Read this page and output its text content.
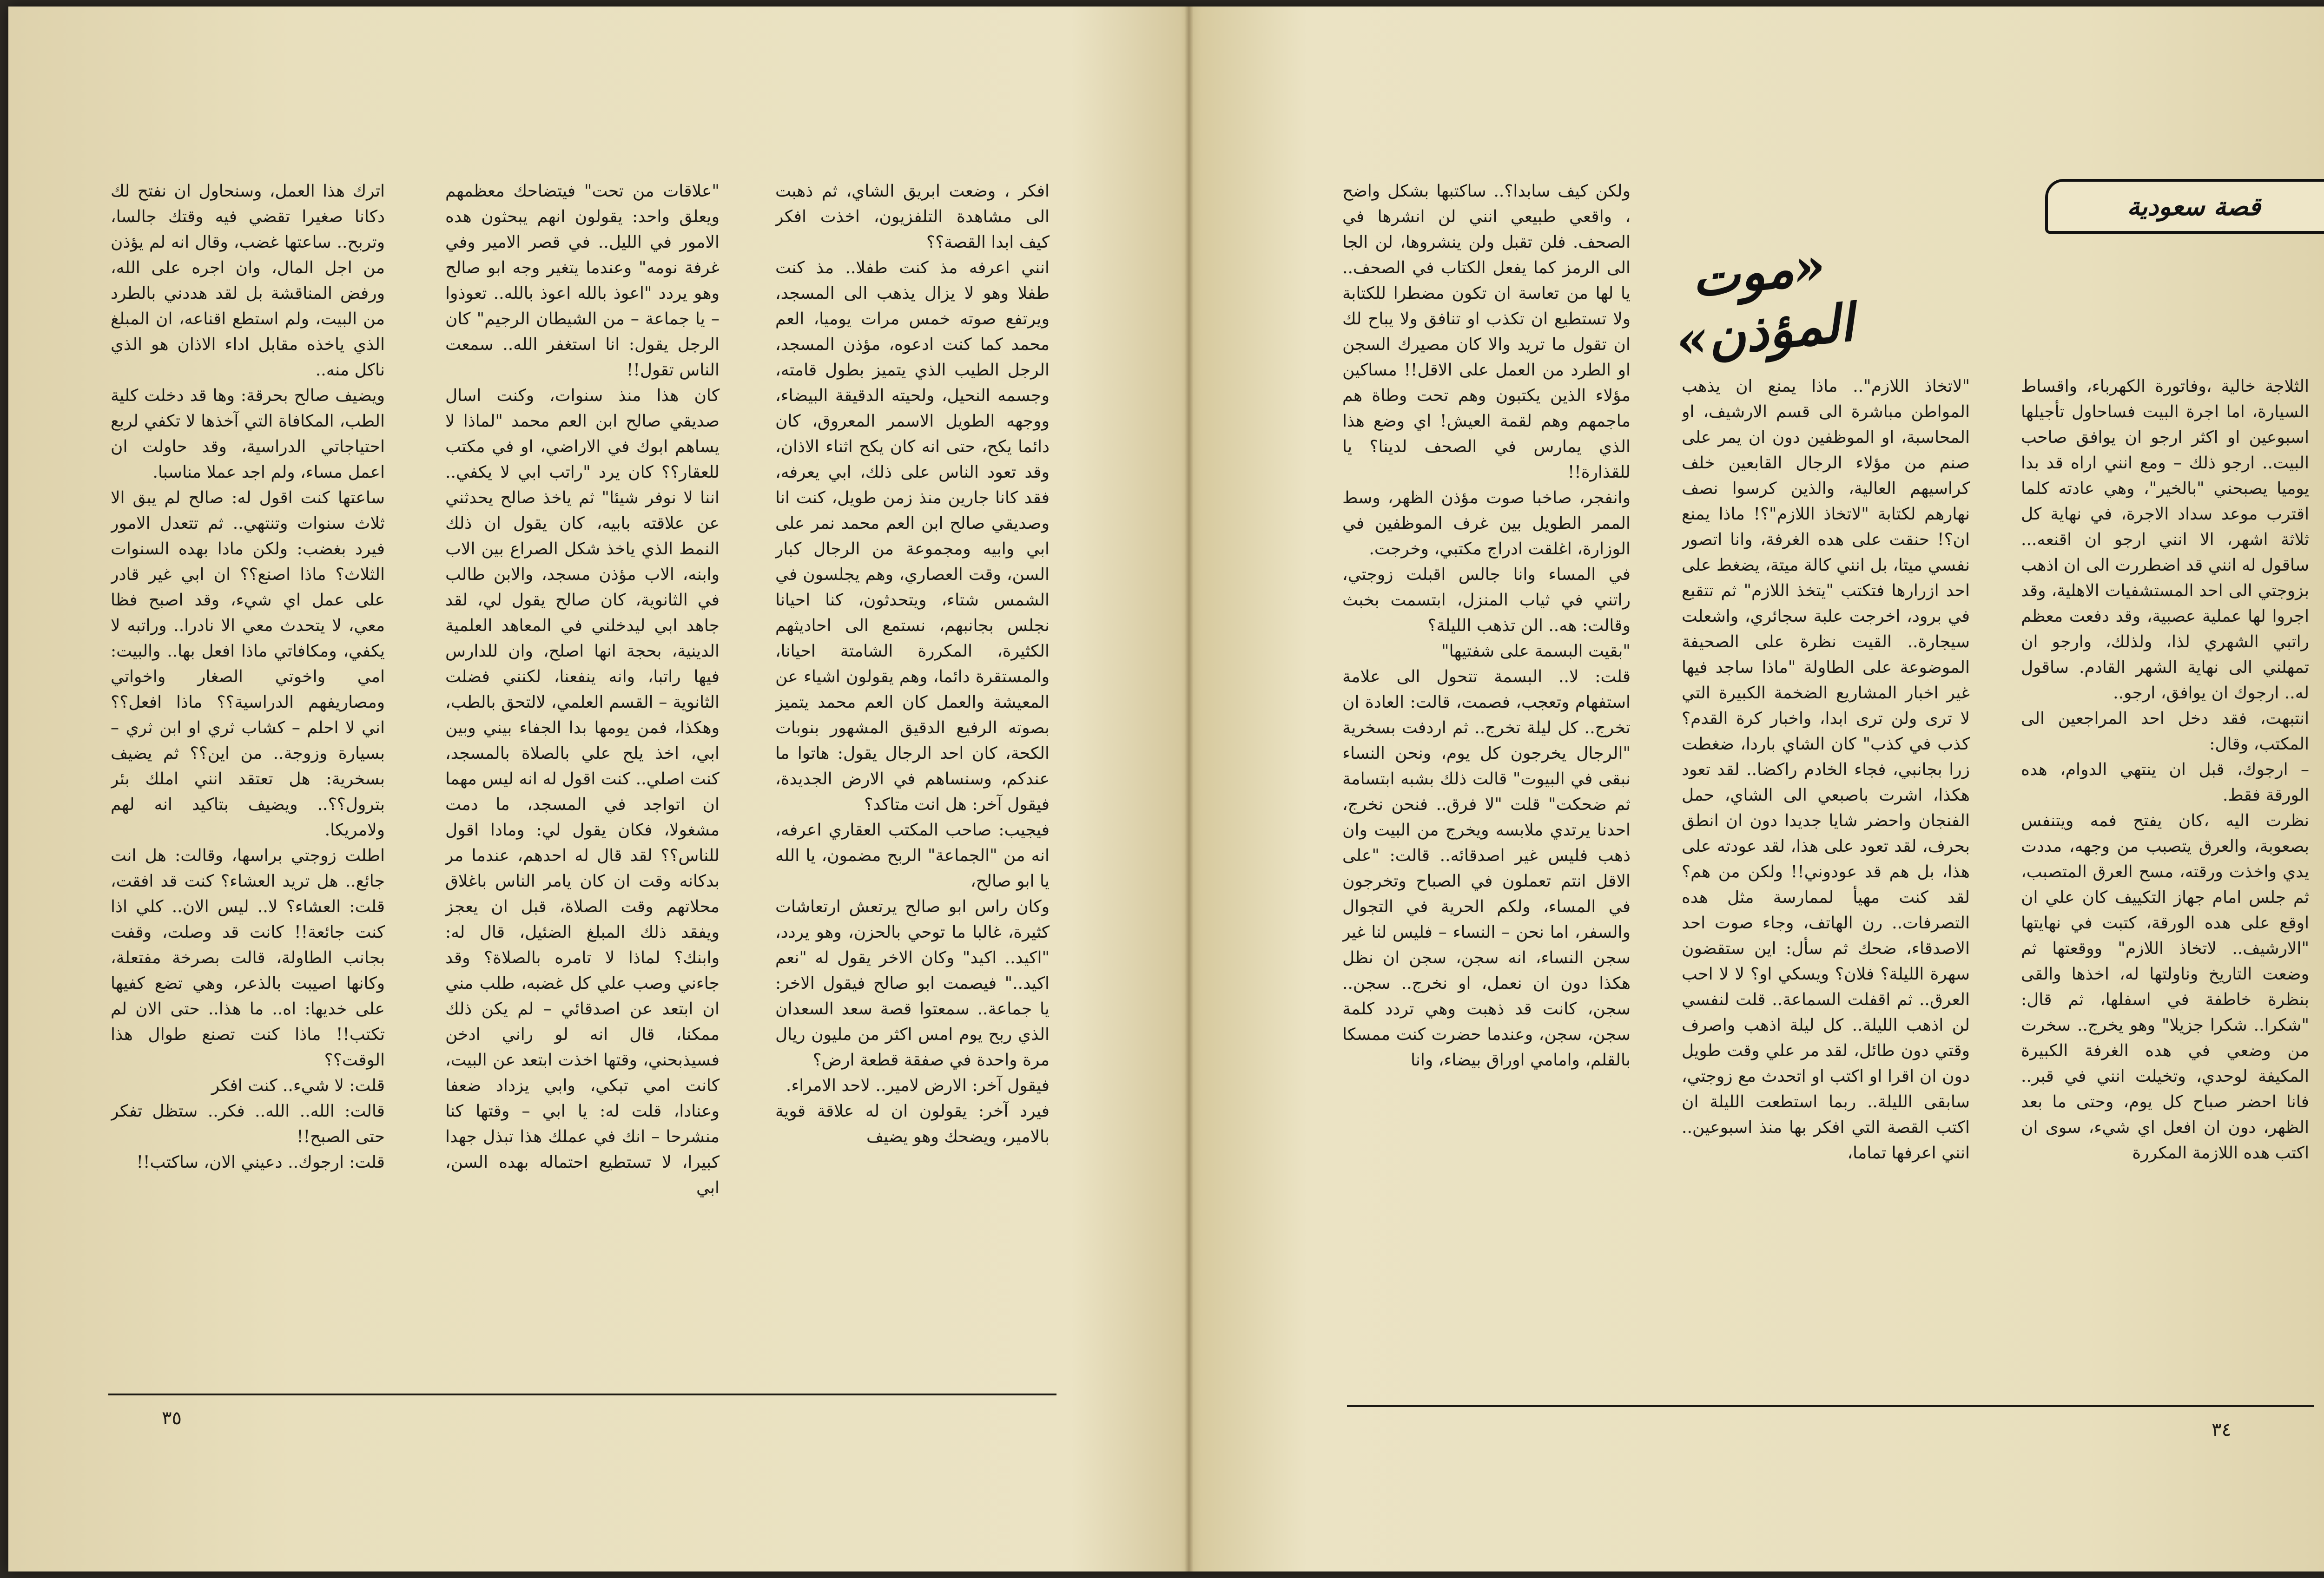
افكر ، وضعت ابريق الشاي، ثم ذهبت الى مشاهدة التلفزيون، اخذت افكر كيف ابدا القصة؟؟
انني اعرفه مذ كنت طفلا.. مذ كنت طفلا وهو لا يزال يذهب الى المسجد، ويرتفع صوته خمس مرات يوميا، العم محمد كما كنت ادعوه، مؤذن المسجد، الرجل الطيب الذي يتميز بطول قامته، وجسمه النحيل، ولحيته الدقيقة البيضاء، ووجهه الطويل الاسمر المعروق، كان دائما يكح، حتى انه كان يكح اثناء الاذان، وقد تعود الناس على ذلك، ابي يعرفه، فقد كانا جارين منذ زمن طويل، كنت انا وصديقي صالح ابن العم محمد نمر على ابي وابيه ومجموعة من الرجال كبار السن، وقت العصاري، وهم يجلسون في الشمس شتاء، ويتحدثون، كنا احيانا نجلس بجانبهم، نستمع الى احاديثهم الكثيرة، المكررة الشامتة احيانا، والمستقرة دائما، وهم يقولون اشياء عن المعيشة والعمل كان العم محمد يتميز بصوته الرفيع الدقيق المشهور بنوبات الكحة، كان احد الرجال يقول: هاتوا ما عندكم، وسنساهم في الارض الجديدة، فيقول آخر: هل انت متاكد؟
فيجيب: صاحب المكتب العقاري اعرفه، انه من "الجماعة" الربح مضمون، يا الله يا ابو صالح،
وكان راس ابو صالح يرتعش ارتعاشات كثيرة، غالبا ما توحي بالحزن، وهو يردد، "اكيد.. اكيد" وكان الاخر يقول له "نعم اكيد.." فيصمت ابو صالح فيقول الاخر: يا جماعة.. سمعتوا قصة سعد السعدان الذي ربح يوم امس اكثر من مليون ريال مرة واحدة في صفقة قطعة ارض؟
فيقول آخر: الارض لامير.. لاحد الامراء.
فيرد آخر: يقولون ان له علاقة قوية بالامير، ويضحك وهو يضيف
"علاقات من تحت" فيتضاحك معظمهم ويعلق واحد: يقولون انهم يبحثون هده الامور في الليل.. في قصر الامير وفي غرفة نومه" وعندما يتغير وجه ابو صالح وهو يردد "اعوذ بالله اعوذ بالله.. تعوذوا – يا جماعة – من الشيطان الرجيم" كان الرجل يقول: انا استغفر الله.. سمعت الناس تقول!!
كان هذا منذ سنوات، وكنت اسال صديقي صالح ابن العم محمد "لماذا لا يساهم ابوك في الاراضي، او في مكتب للعقار؟؟ كان يرد "راتب ابي لا يكفي.. اننا لا نوفر شيئا" ثم ياخذ صالح يحدثني عن علاقته بابيه، كان يقول ان ذلك النمط الذي ياخذ شكل الصراع بين الاب وابنه، الاب مؤذن مسجد، والابن طالب في الثانوية، كان صالح يقول لي، لقد جاهد ابي ليدخلني في المعاهد العلمية الدينية، بحجة انها اصلح، وان للدارس فيها راتبا، وانه ينفعنا، لكنني فضلت الثانوية – القسم العلمي، لالتحق بالطب، وهكذا، فمن يومها بدا الجفاء بيني وبين ابي، اخذ يلح علي بالصلاة بالمسجد، كنت اصلي.. كنت اقول له انه ليس مهما ان اتواجد في المسجد، ما دمت مشغولا، فكان يقول لي: ومادا اقول للناس؟؟ لقد قال له احدهم، عندما مر بدكانه وقت ان كان يامر الناس باغلاق محلاتهم وقت الصلاة، قبل ان يعجز ويفقد ذلك المبلغ الضئيل، قال له: وابنك؟ لماذا لا تامره بالصلاة؟ وقد جاءني وصب علي كل غضبه، طلب مني ان ابتعد عن اصدقائي – لم يكن ذلك ممكنا، قال انه لو راني ادخن فسيذبحني، وقتها اخذت ابتعد عن البيت، كانت امي تبكي، وابي يزداد ضعفا وعنادا، قلت له: يا ابي – وقتها كنا منشرحا – انك في عملك هذا تبذل جهدا كبيرا، لا تستطيع احتماله بهده السن، ابي
اترك هذا العمل، وسنحاول ان نفتح لك دكانا صغيرا تقضي فيه وقتك جالسا، وتربح.. ساعتها غضب، وقال انه لم يؤذن من اجل المال، وان اجره على الله، ورفض المناقشة بل لقد هددني بالطرد من البيت، ولم استطع اقناعه، ان المبلغ الذي ياخذه مقابل اداء الاذان هو الذي ناكل منه..
ويضيف صالح بحرقة: وها قد دخلت كلية الطب، المكافاة التي آخذها لا تكفي لربع احتياجاتي الدراسية، وقد حاولت ان اعمل مساء، ولم اجد عملا مناسبا.
ساعتها كنت اقول له: صالح لم يبق الا ثلاث سنوات وتنتهي.. ثم تتعدل الامور فيرد بغضب: ولكن مادا بهده السنوات الثلاث؟ ماذا اصنع؟؟ ان ابي غير قادر على عمل اي شيء، وقد اصبح فظا معي، لا يتحدث معي الا نادرا.. وراتبه لا يكفي، ومكافاتي ماذا افعل بها.. والبيت: امي واخوتي الصغار واخواتي ومصاريفهم الدراسية؟؟ ماذا افعل؟؟ اني لا احلم – كشاب ثري او ابن ثري – بسيارة وزوجة.. من اين؟؟ ثم يضيف بسخرية: هل تعتقد انني املك بئر بترول؟؟.. ويضيف بتاكيد انه لهم ولامريكا.
اطلت زوجتي براسها، وقالت: هل انت جائع.. هل تريد العشاء؟ كنت قد افقت، قلت: العشاء؟ لا.. ليس الان.. كلي اذا كنت جائعة!! كانت قد وصلت، وقفت بجانب الطاولة، قالت بصرخة مفتعلة، وكانها اصيبت بالذعر، وهي تضع كفيها على خديها: اه.. ما هذا.. حتى الان لم تكتب!! ماذا كنت تصنع طوال هذا الوقت؟؟
قلت: لا شيء.. كنت افكر
قالت: الله.. الله.. فكر.. ستظل تفكر حتى الصبح!!
قلت: ارجوك.. دعيني الان، ساكتب!!
٣٥
الثلاجة خالية ،وفاتورة الكهرباء، واقساط السيارة، اما اجرة البيت فساحاول تأجيلها اسبوعين او اكثر ارجو ان يوافق صاحب البيت.. ارجو ذلك – ومع انني اراه قد بدا يوميا يصبحني "بالخير"، وهي عادته كلما اقترب موعد سداد الاجرة، في نهاية كل ثلاثة اشهر، الا انني ارجو ان اقنعه... ساقول له انني قد اضطررت الى ان اذهب بزوجتي الى احد المستشفيات الاهلية، وقد اجروا لها عملية عصبية، وقد دفعت معظم راتبي الشهري لذا، ولذلك، وارجو ان تمهلني الى نهاية الشهر القادم. ساقول له.. ارجوك ان يوافق، ارجو..
انتبهت، فقد دخل احد المراجعين الى المكتب، وقال:
– ارجوك، قبل ان ينتهي الدوام، هده الورقة فقط.
نظرت اليه ،كان يفتح فمه ويتنفس بصعوبة، والعرق يتصبب من وجهه، مددت يدي واخذت ورقته، مسح العرق المتصبب، ثم جلس امام جهاز التكييف كان علي ان اوقع على هده الورقة، كتبت في نهايتها "الارشيف.. لاتخاذ اللازم" ووقعتها ثم وضعت التاريخ وناولتها له، اخذها والقى بنظرة خاطفة في اسفلها، ثم قال: "شكرا.. شكرا جزيلا" وهو يخرج.. سخرت من وضعي في هده الغرفة الكبيرة المكيفة لوحدي، وتخيلت انني في قبر.. فانا احضر صباح كل يوم، وحتى ما بعد الظهر، دون ان افعل اي شيء، سوى ان اكتب هده اللازمة المكررة
"لاتخاذ اللازم".. ماذا يمنع ان يذهب المواطن مباشرة الى قسم الارشيف، او المحاسبة، او الموظفين دون ان يمر على صنم من مؤلاء الرجال القابعين خلف كراسيهم العالية، والذين كرسوا نصف نهارهم لكتابة "لاتخاذ اللازم"؟! ماذا يمنع ان؟! حنقت على هده الغرفة، وانا اتصور نفسي ميتا، بل انني كالة ميتة، يضغط على احد ازرارها فتكتب "يتخذ اللازم" ثم تتقبع في برود، اخرجت علبة سجائري، واشعلت سيجارة.. القيت نظرة على الصحيفة الموضوعة على الطاولة "ماذا ساجد فيها غير اخبار المشاريع الضخمة الكبيرة التي لا ترى ولن ترى ابدا، واخبار كرة القدم؟ كذب في كذب" كان الشاي باردا، ضغطت زرا بجانبي، فجاء الخادم راكضا.. لقد تعود هكذا، اشرت باصبعي الى الشاي، حمل الفنجان واحضر شايا جديدا دون ان انطق بحرف، لقد تعود على هذا، لقد عودته على هذا، بل هم قد عودوني!! ولكن من هم؟ لقد كنت مهيأ لممارسة مثل هده التصرفات.. رن الهاتف، وجاء صوت احد الاصدقاء، ضحك ثم سأل: اين ستقضون سهرة الليلة؟ فلان؟ ويسكي او؟ لا لا احب العرق.. ثم اقفلت السماعة.. قلت لنفسي لن اذهب الليلة.. كل ليلة اذهب واصرف وقتي دون طائل، لقد مر علي وقت طويل دون ان اقرا او اكتب او اتحدث مع زوجتي، سابقى الليلة.. ربما استطعت الليلة ان اكتب القصة التي افكر بها منذ اسبوعين.. انني اعرفها تماما،
ولكن كيف سابدا؟.. ساكتبها بشكل واضح ، واقعي طبيعي انني لن انشرها في الصحف. فلن تقبل ولن ينشروها، لن الجا الى الرمز كما يفعل الكتاب في الصحف.. يا لها من تعاسة ان تكون مضطرا للكتابة ولا تستطيع ان تكذب او تنافق ولا يباح لك ان تقول ما تريد والا كان مصيرك السجن او الطرد من العمل على الاقل!! مساكين مؤلاء الذين يكتبون وهم تحت وطاة هم ماجمهم وهم لقمة العيش! اي وضع هذا الذي يمارس في الصحف لدينا؟ يا للقذارة!!
وانفجر، صاخبا صوت مؤذن الظهر، وسط الممر الطويل بين غرف الموظفين في الوزارة، اغلقت ادراج مكتبي، وخرجت.
في المساء وانا جالس اقبلت زوجتي، راتني في ثياب المنزل، ابتسمت بخبث وقالت: هه.. الن تذهب الليلة؟
"بقيت البسمة على شفتيها"
قلت: لا.. البسمة تتحول الى علامة استفهام وتعجب، فصمت، قالت: العادة ان تخرج.. كل ليلة تخرج.. ثم اردفت بسخرية "الرجال يخرجون كل يوم، ونحن النساء نبقى في البيوت" قالت ذلك بشبه ابتسامة ثم ضحكت" قلت "لا فرق.. فنحن نخرج، احدنا يرتدي ملابسه ويخرج من البيت وان ذهب فليس غير اصدقائه.. قالت: "على الاقل انتم تعملون في الصباح وتخرجون في المساء، ولكم الحرية في التجوال والسفر، اما نحن – النساء – فليس لنا غير سجن النساء، انه سجن، سجن ان نظل هكذا دون ان نعمل، او نخرج.. سجن.. سجن، كانت قد ذهبت وهي تردد كلمة سجن، سجن، وعندما حضرت كنت ممسكا بالقلم، وامامي اوراق بيضاء، وانا
٣٤
قصة سعودية
«موت المؤذن»
